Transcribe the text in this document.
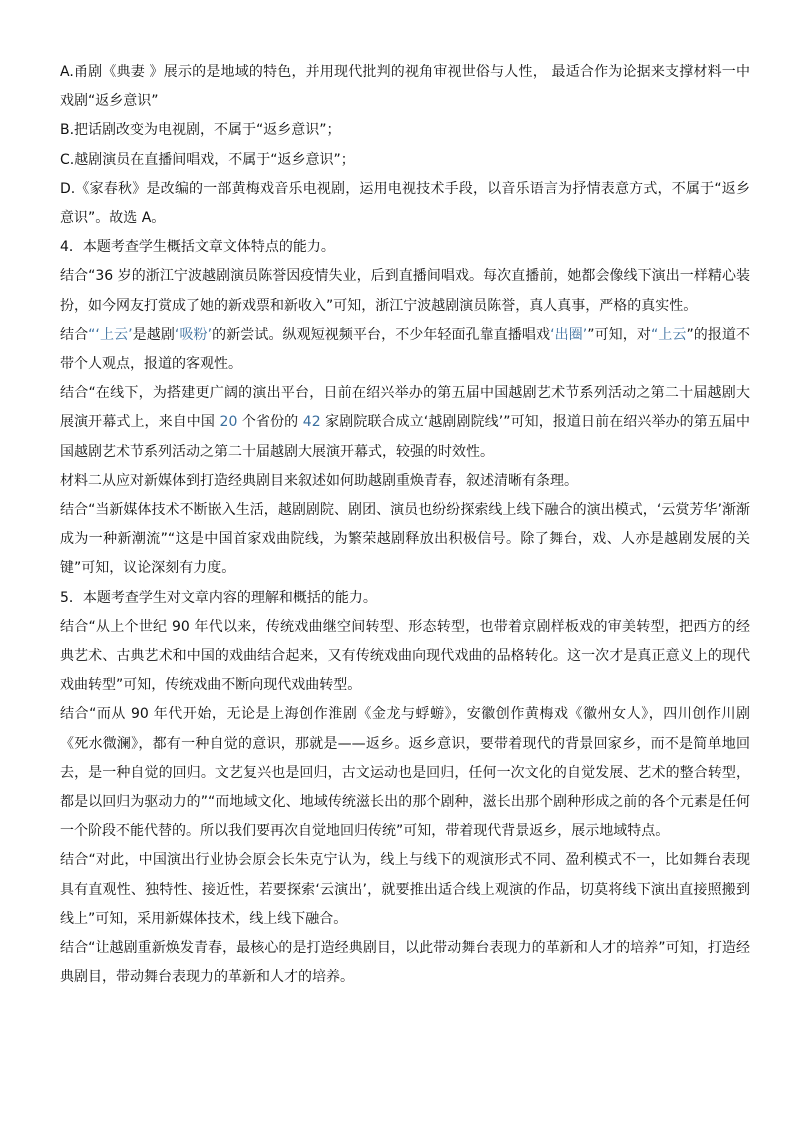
A.甬剧《典妻 》展示的是地域的特色，并用现代批判的视角审视世俗与人性， 最适合作为论据来支撑材料一中戏剧“返乡意识”

B.把话剧改变为电视剧，不属于“返乡意识”；

C.越剧演员在直播间唱戏，不属于“返乡意识”；

D.《家春秋》是改编的一部黄梅戏音乐电视剧，运用电视技术手段，以音乐语言为抒情表意方式，不属于“返乡意识”。故选 A。

4．本题考查学生概括文章文体特点的能力。

结合“36 岁的浙江宁波越剧演员陈誉因疫情失业，后到直播间唱戏。每次直播前，她都会像线下演出一样精心装扮，如今网友打赏成了她的新戏票和新收入”可知，浙江宁波越剧演员陈誉，真人真事，严格的真实性。

结合“‘上云’是越剧‘吸粉’的新尝试。纵观短视频平台，不少年轻面孔靠直播唱戏‘出圈’”可知，对“上云”的报道不带个人观点，报道的客观性。

结合“在线下，为搭建更广阔的演出平台，日前在绍兴举办的第五届中国越剧艺术节系列活动之第二十届越剧大展演开幕式上，来自中国 20 个省份的 42 家剧院联合成立‘越剧剧院线’”可知，报道日前在绍兴举办的第五届中国越剧艺术节系列活动之第二十届越剧大展演开幕式，较强的时效性。

材料二从应对新媒体到打造经典剧目来叙述如何助越剧重焕青春，叙述清晰有条理。

结合“当新媒体技术不断嵌入生活，越剧剧院、剧团、演员也纷纷探索线上线下融合的演出模式，‘云赏芳华’渐渐成为一种新潮流”“这是中国首家戏曲院线，为繁荣越剧释放出积极信号。除了舞台，戏、人亦是越剧发展的关键”可知，议论深刻有力度。

5．本题考查学生对文章内容的理解和概括的能力。

结合“从上个世纪 90 年代以来，传统戏曲继空间转型、形态转型，也带着京剧样板戏的审美转型，把西方的经典艺术、古典艺术和中国的戏曲结合起来，又有传统戏曲向现代戏曲的品格转化。这一次才是真正意义上的现代戏曲转型”可知，传统戏曲不断向现代戏曲转型。

结合“而从 90 年代开始，无论是上海创作淮剧《金龙与蜉蝣》，安徽创作黄梅戏《徽州女人》，四川创作川剧《死水微澜》，都有一种自觉的意识，那就是——返乡。返乡意识，要带着现代的背景回家乡，而不是简单地回去，是一种自觉的回归。文艺复兴也是回归，古文运动也是回归，任何一次文化的自觉发展、艺术的整合转型，都是以回归为驱动力的”“而地域文化、地域传统滋长出的那个剧种，滋长出那个剧种形成之前的各个元素是任何一个阶段不能代替的。所以我们要再次自觉地回归传统”可知，带着现代背景返乡，展示地域特点。

结合“对此，中国演出行业协会原会长朱克宁认为，线上与线下的观演形式不同、盈利模式不一，比如舞台表现具有直观性、独特性、接近性，若要探索‘云演出’，就要推出适合线上观演的作品，切莫将线下演出直接照搬到线上”可知，采用新媒体技术，线上线下融合。

结合“让越剧重新焕发青春，最核心的是打造经典剧目，以此带动舞台表现力的革新和人才的培养”可知，打造经典剧目，带动舞台表现力的革新和人才的培养。
